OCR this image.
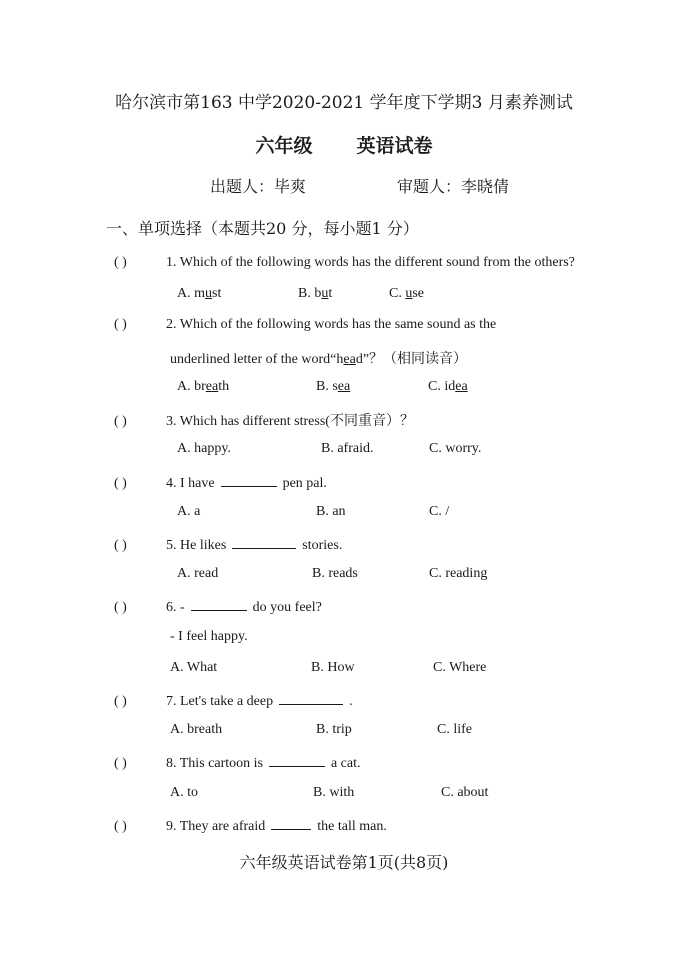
哈尔滨市第163 中学2020-2021 学年度下学期3 月素养测试
六年级 英语试卷
出题人：毕爽	审题人：李晓倩
一、单项选择（本题共20 分，每小题1 分）
( )	1. Which of the following words has the different sound from the others?
A. must	B. but	C. use
( )	2. Which of the following words has the same sound as the
underlined letter of the word“head”？（相同读音）
A. breath	B. sea	C. idea
( )	3. Which has different stress(不同重音）？
A. happy.	B. afraid.	C. worry.
( )	4. I have	pen pal.
A. a	B. an	C. /
( )	5. He likes	stories.
A. read	B. reads	C. reading
( )	6. -	do you feel?
- I feel happy.
A. What	B. How	C. Where
( )	7. Let's take a deep	.
A. breath	B. trip	C. life
( )	8. This cartoon is	a cat.
A. to	B. with	C. about
( )	9. They are afraid	the tall man.
六年级英语试卷第1页(共8页)
